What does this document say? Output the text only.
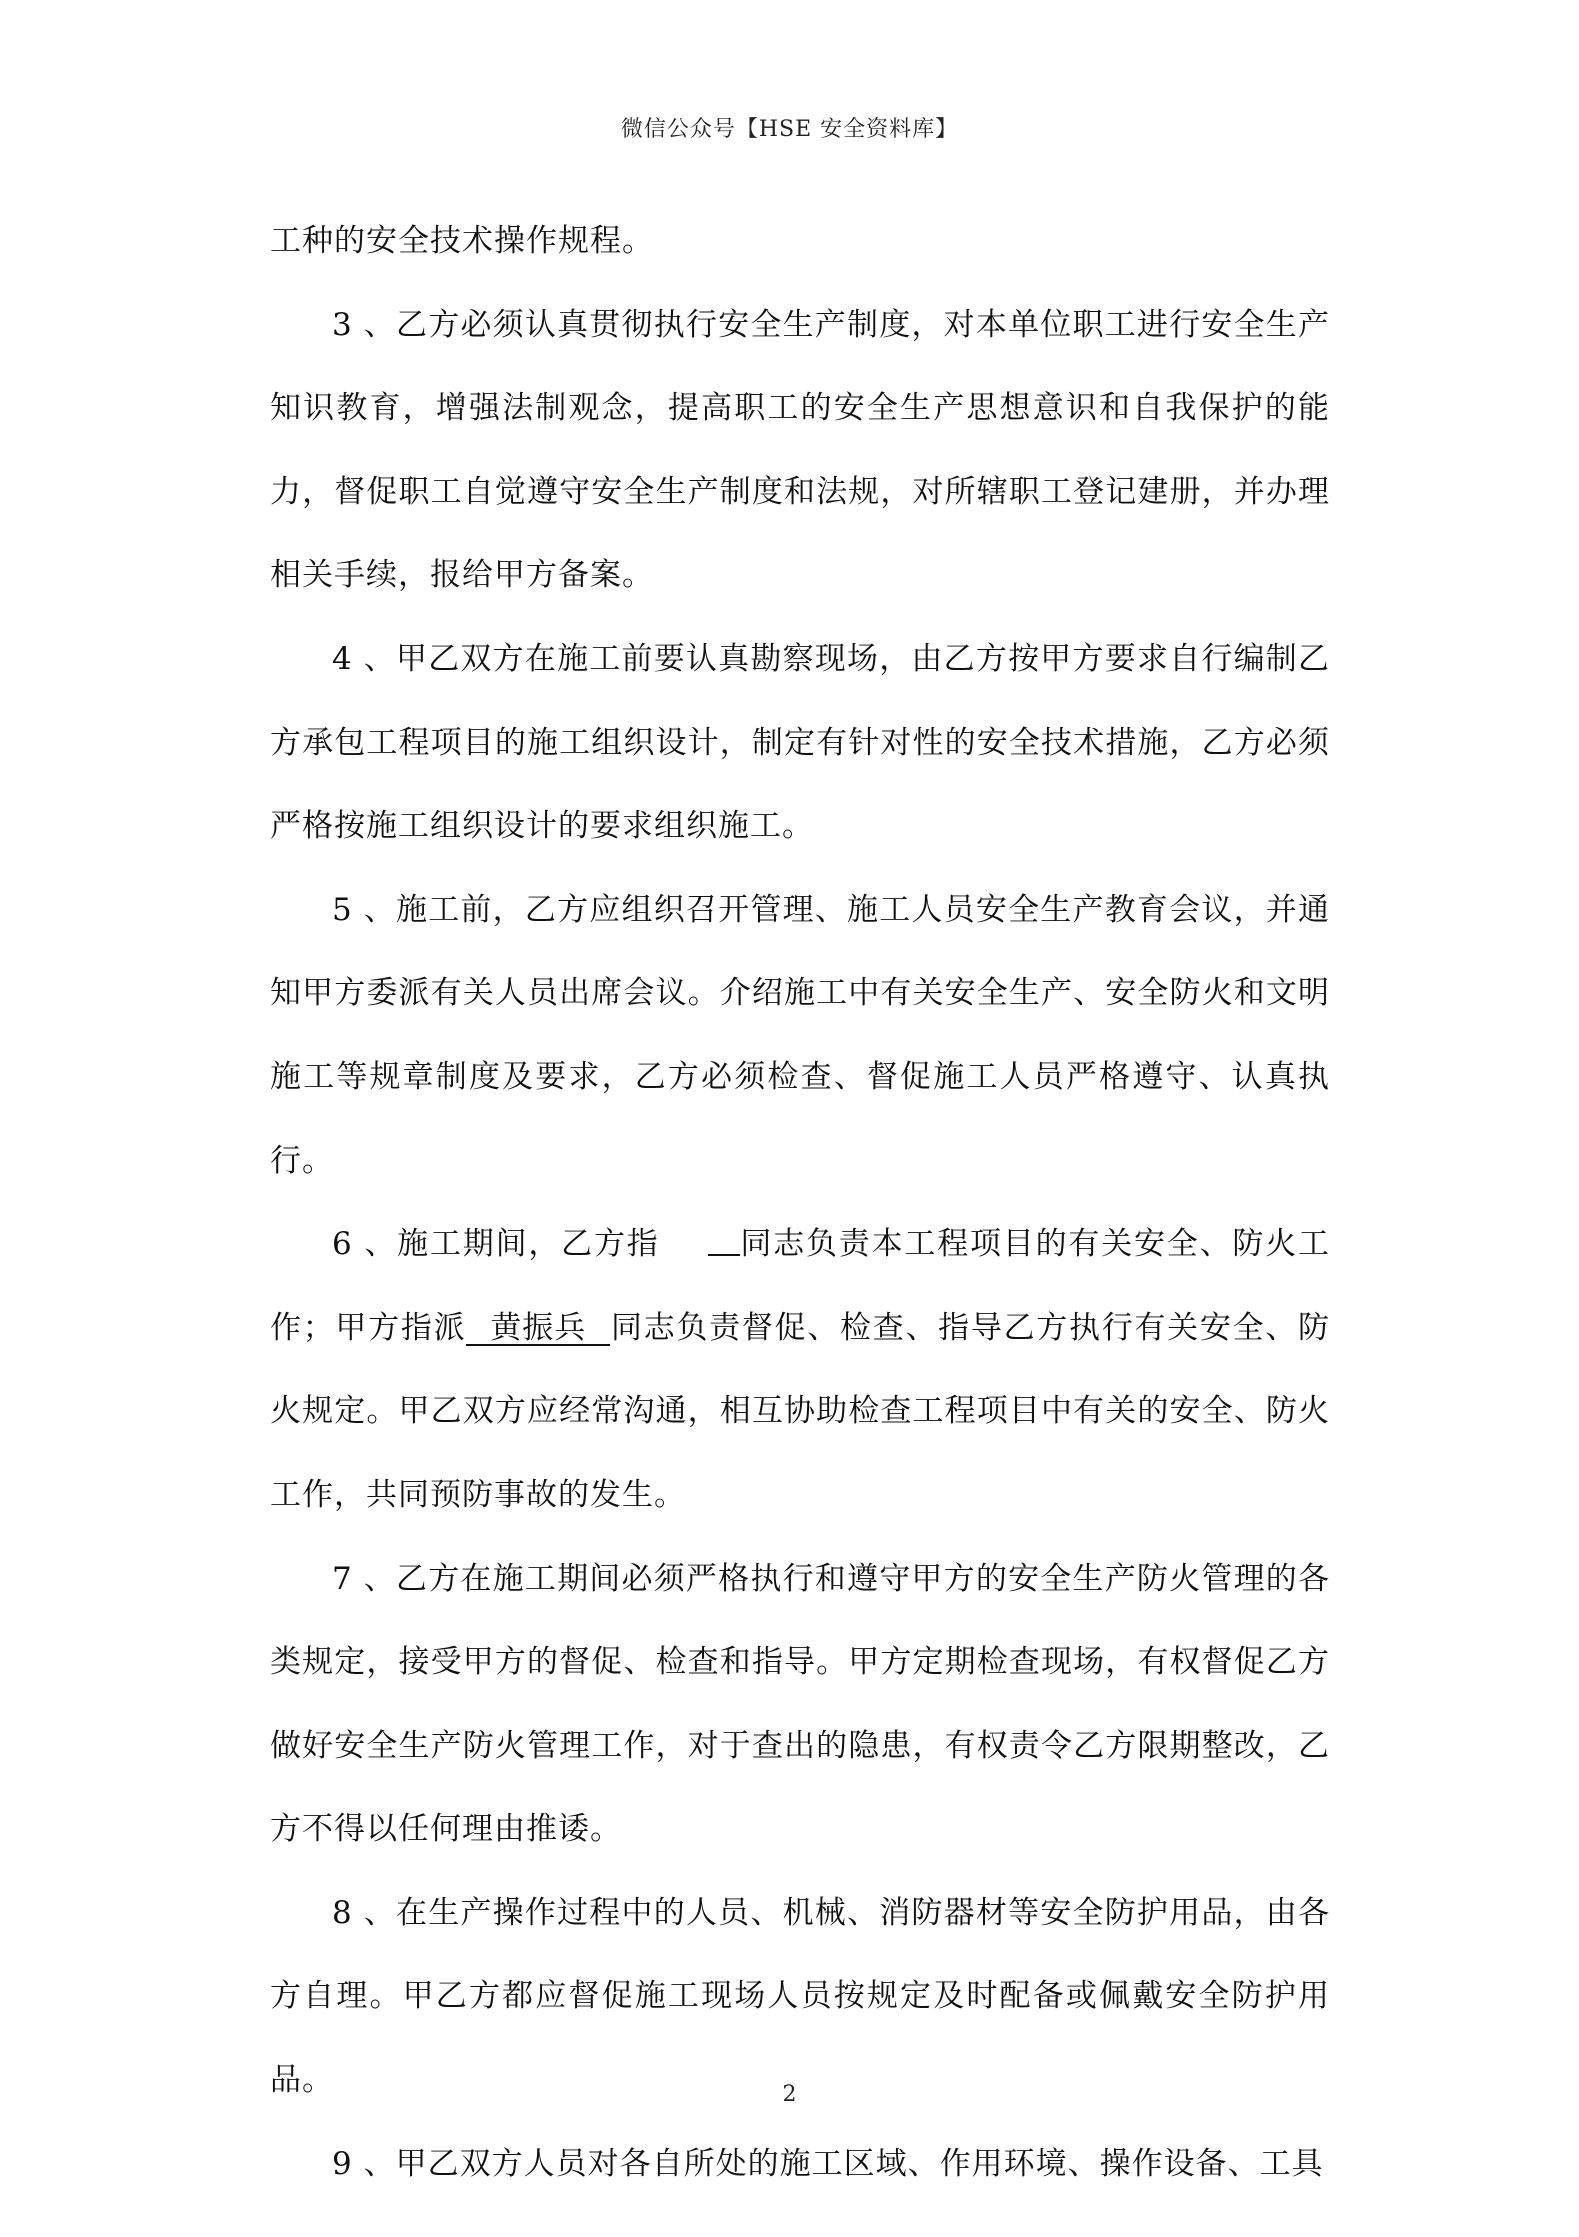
微信公众号【HSE 安全资料库】

工种的安全技术操作规程。

3 、乙方必须认真贯彻执行安全生产制度，对本单位职工进行安全生产知识教育，增强法制观念，提高职工的安全生产思想意识和自我保护的能力，督促职工自觉遵守安全生产制度和法规，对所辖职工登记建册，并办理相关手续，报给甲方备案。

4 、甲乙双方在施工前要认真勘察现场，由乙方按甲方要求自行编制乙方承包工程项目的施工组织设计，制定有针对性的安全技术措施，乙方必须严格按施工组织设计的要求组织施工。

5 、施工前，乙方应组织召开管理、施工人员安全生产教育会议，并通知甲方委派有关人员出席会议。介绍施工中有关安全生产、安全防火和文明施工等规章制度及要求，乙方必须检查、督促施工人员严格遵守、认真执行。

6 、施工期间，乙方指	同志负责本工程项目的有关安全、防火工作；甲方指派 黄振兵 同志负责督促、检查、指导乙方执行有关安全、防火规定。甲乙双方应经常沟通，相互协助检查工程项目中有关的安全、防火工作，共同预防事故的发生。

7 、乙方在施工期间必须严格执行和遵守甲方的安全生产防火管理的各类规定，接受甲方的督促、检查和指导。甲方定期检查现场，有权督促乙方做好安全生产防火管理工作，对于查出的隐患，有权责令乙方限期整改，乙方不得以任何理由推诿。

8 、在生产操作过程中的人员、机械、消防器材等安全防护用品，由各方自理。甲乙方都应督促施工现场人员按规定及时配备或佩戴安全防护用品。

9 、甲乙双方人员对各自所处的施工区域、作用环境、操作设备、工具

2
